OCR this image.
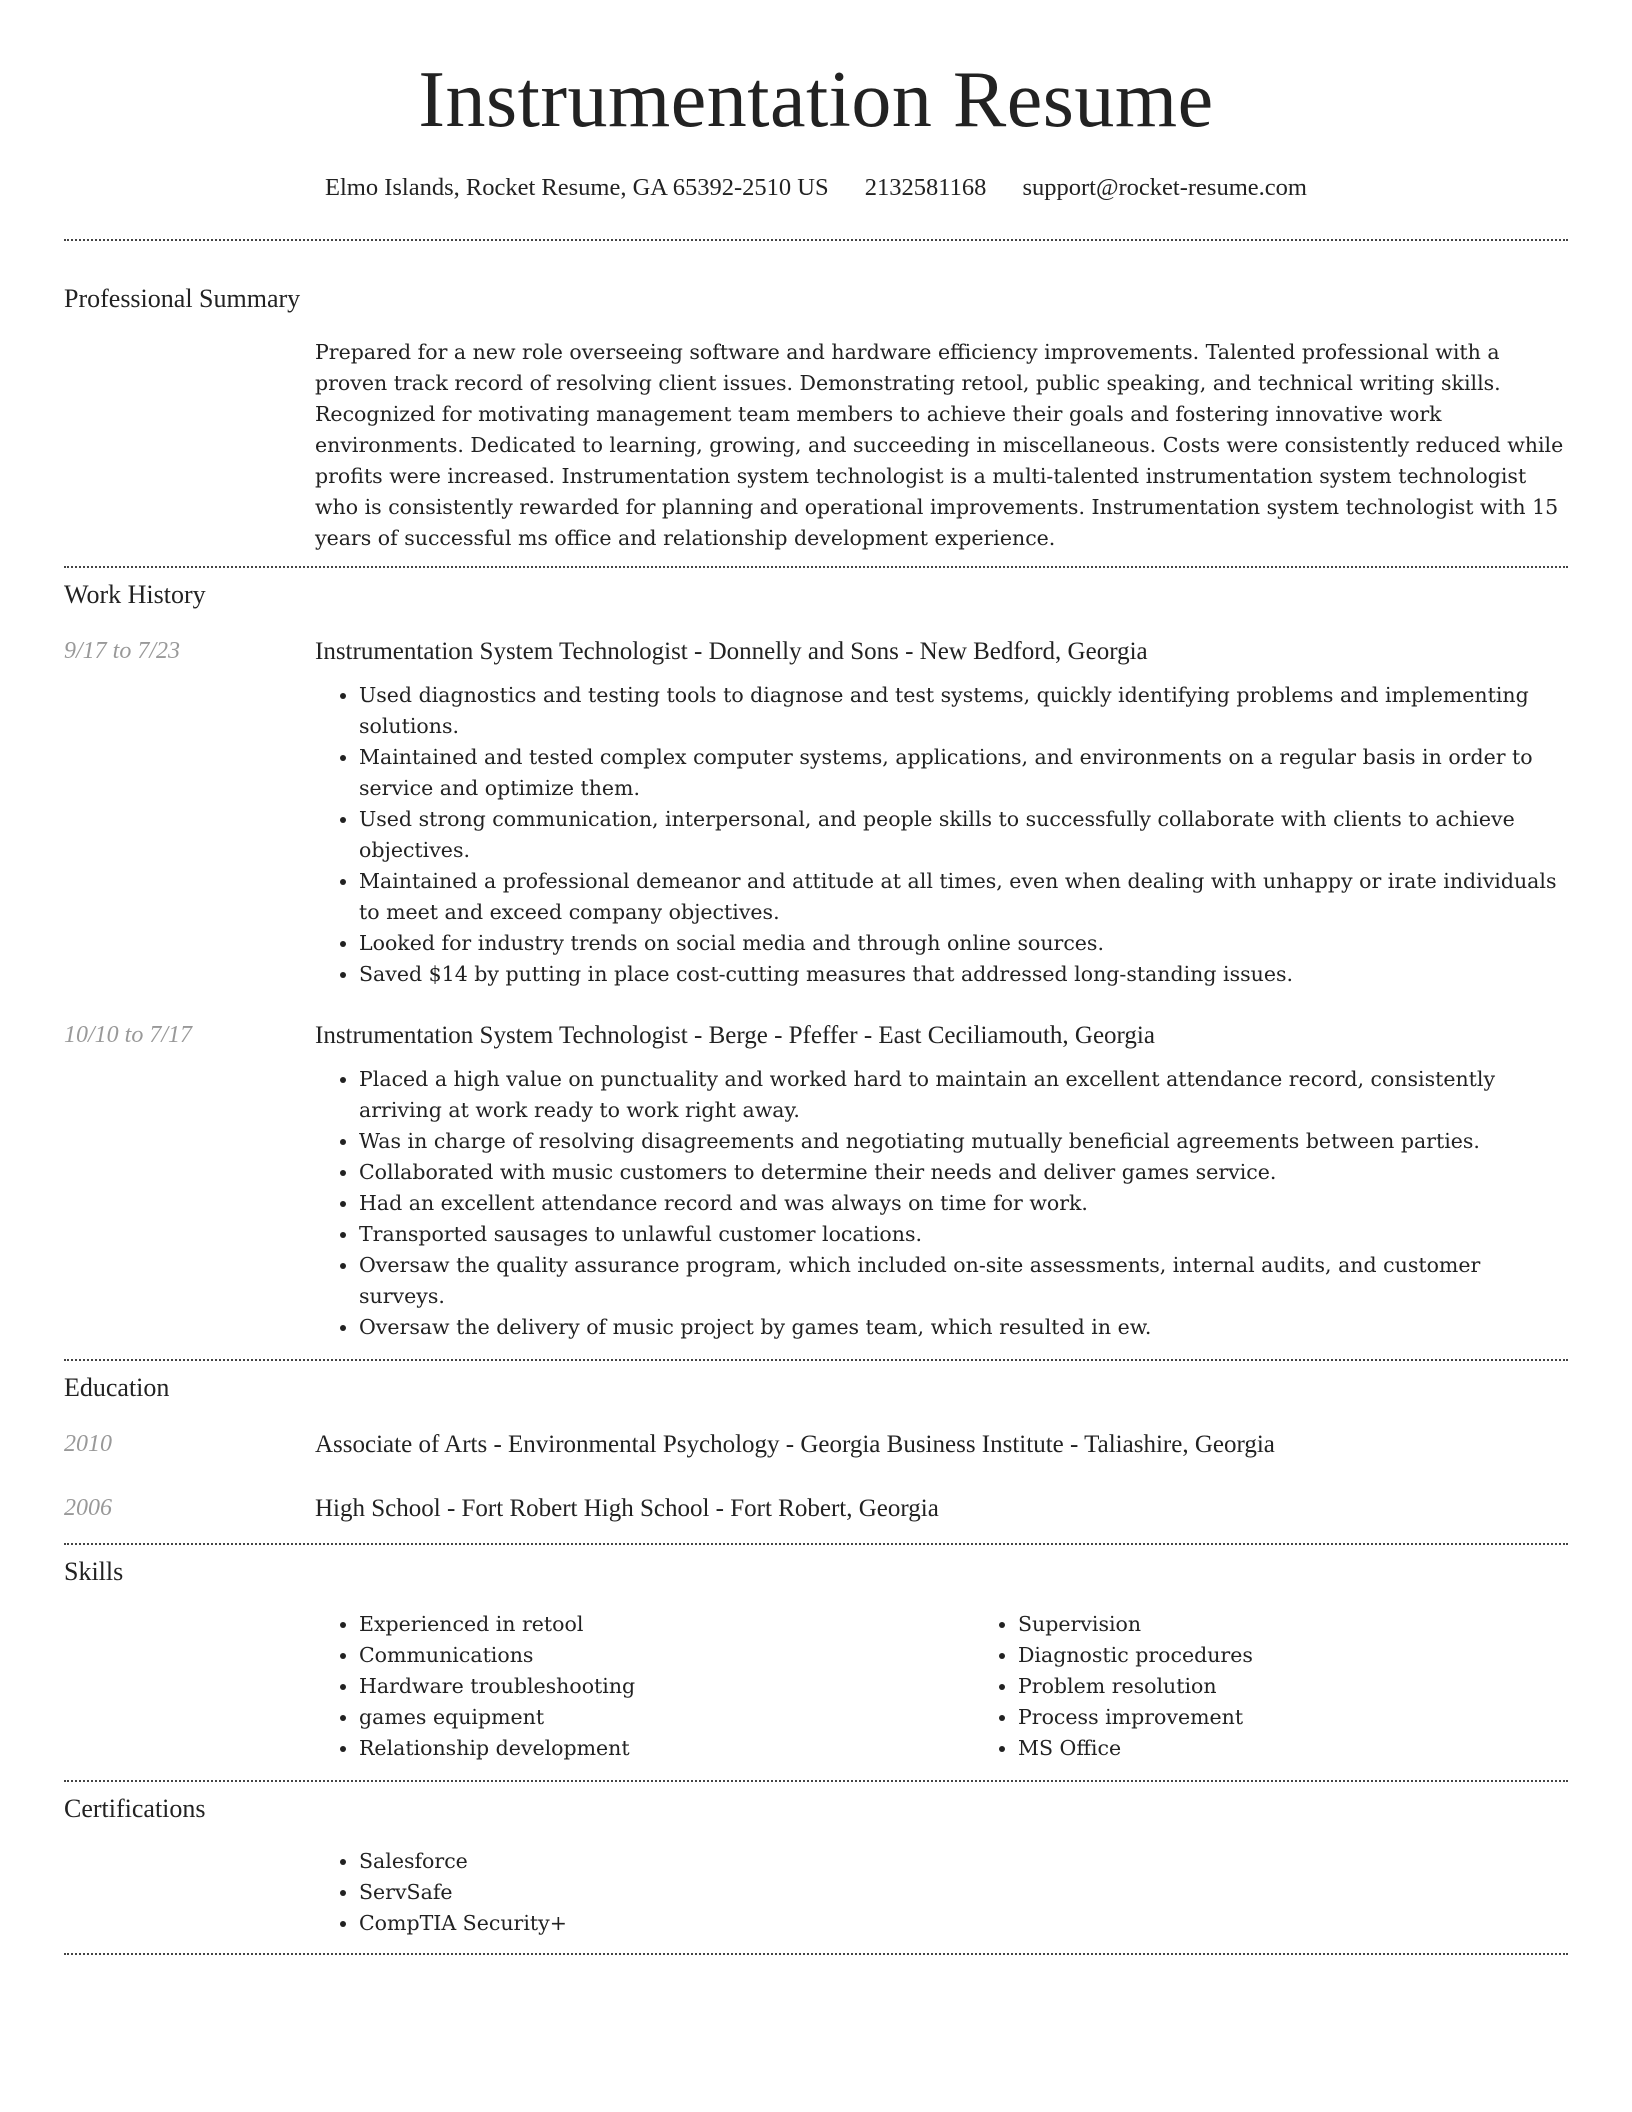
Instrumentation Resume
Elmo Islands, Rocket Resume, GA 65392-2510 US 2132581168 support@rocket-resume.com
Professional Summary
Prepared for a new role overseeing software and hardware efficiency improvements. Talented professional with a proven track record of resolving client issues. Demonstrating retool, public speaking, and technical writing skills. Recognized for motivating management team members to achieve their goals and fostering innovative work environments. Dedicated to learning, growing, and succeeding in miscellaneous. Costs were consistently reduced while profits were increased. Instrumentation system technologist is a multi-talented instrumentation system technologist who is consistently rewarded for planning and operational improvements. Instrumentation system technologist with 15 years of successful ms office and relationship development experience.
Work History
9/17 to 7/23	Instrumentation System Technologist - Donnelly and Sons - New Bedford, Georgia
• Used diagnostics and testing tools to diagnose and test systems, quickly identifying problems and implementing solutions.
• Maintained and tested complex computer systems, applications, and environments on a regular basis in order to service and optimize them.
• Used strong communication, interpersonal, and people skills to successfully collaborate with clients to achieve objectives.
• Maintained a professional demeanor and attitude at all times, even when dealing with unhappy or irate individuals to meet and exceed company objectives.
• Looked for industry trends on social media and through online sources.
• Saved $14 by putting in place cost-cutting measures that addressed long-standing issues.
10/10 to 7/17	Instrumentation System Technologist - Berge - Pfeffer - East Ceciliamouth, Georgia
• Placed a high value on punctuality and worked hard to maintain an excellent attendance record, consistently arriving at work ready to work right away.
• Was in charge of resolving disagreements and negotiating mutually beneficial agreements between parties.
• Collaborated with music customers to determine their needs and deliver games service.
• Had an excellent attendance record and was always on time for work.
• Transported sausages to unlawful customer locations.
• Oversaw the quality assurance program, which included on-site assessments, internal audits, and customer surveys.
• Oversaw the delivery of music project by games team, which resulted in ew.
Education
2010	Associate of Arts - Environmental Psychology - Georgia Business Institute - Taliashire, Georgia
2006	High School - Fort Robert High School - Fort Robert, Georgia
Skills
• Experienced in retool
• Communications
• Hardware troubleshooting
• games equipment
• Relationship development
• Supervision
• Diagnostic procedures
• Problem resolution
• Process improvement
• MS Office
Certifications
• Salesforce
• ServSafe
• CompTIA Security+
